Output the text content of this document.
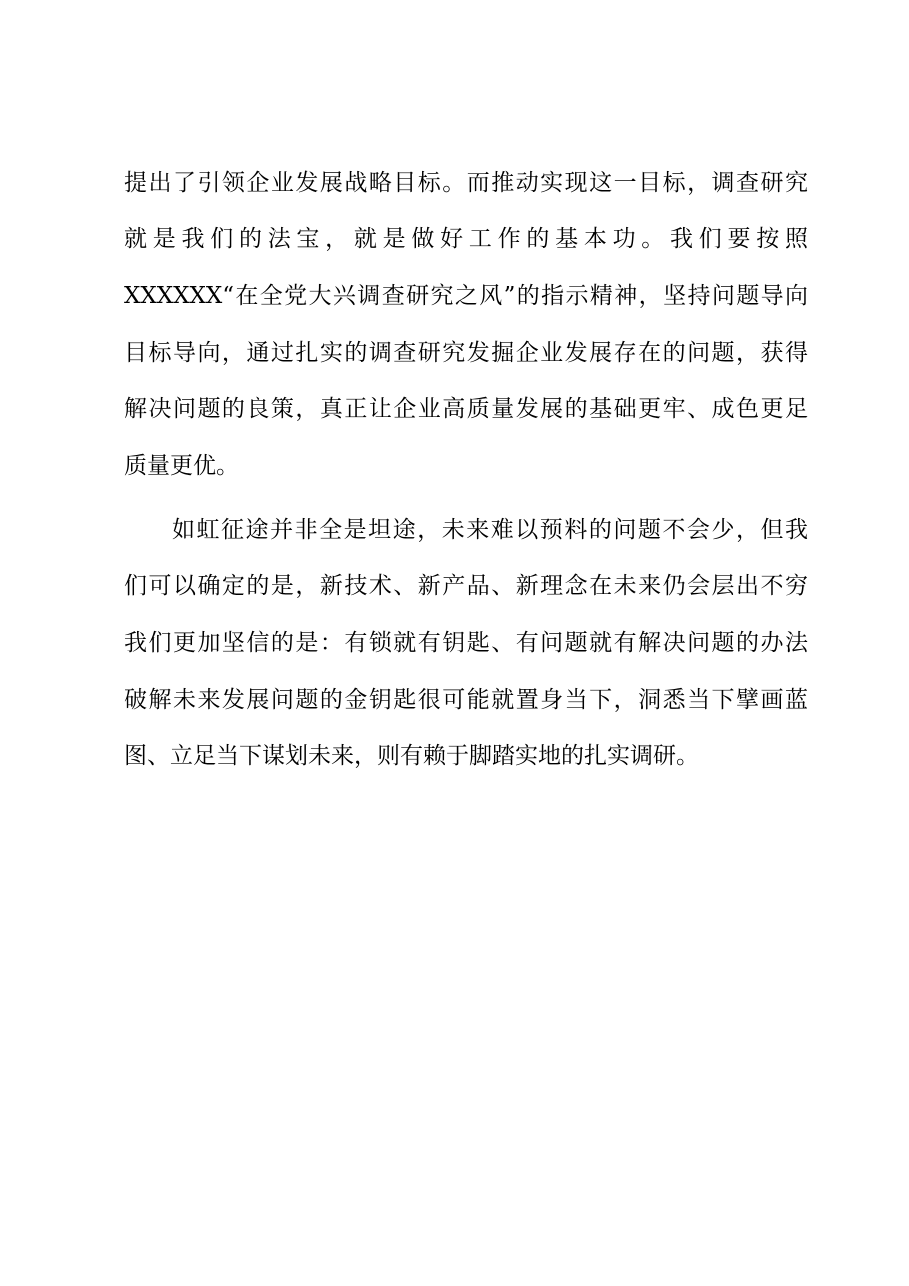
提出了引领企业发展战略目标。而推动实现这一目标，调查研究
就是我们的法宝，就是做好工作的基本功。我们要按照
XXXXXX“在全党大兴调查研究之风”的指示精神，坚持问题导向
目标导向，通过扎实的调查研究发掘企业发展存在的问题，获得
解决问题的良策，真正让企业高质量发展的基础更牢、成色更足
质量更优。
如虹征途并非全是坦途，未来难以预料的问题不会少，但我
们可以确定的是，新技术、新产品、新理念在未来仍会层出不穷
我们更加坚信的是：有锁就有钥匙、有问题就有解决问题的办法
破解未来发展问题的金钥匙很可能就置身当下，洞悉当下擘画蓝
图、立足当下谋划未来，则有赖于脚踏实地的扎实调研。
